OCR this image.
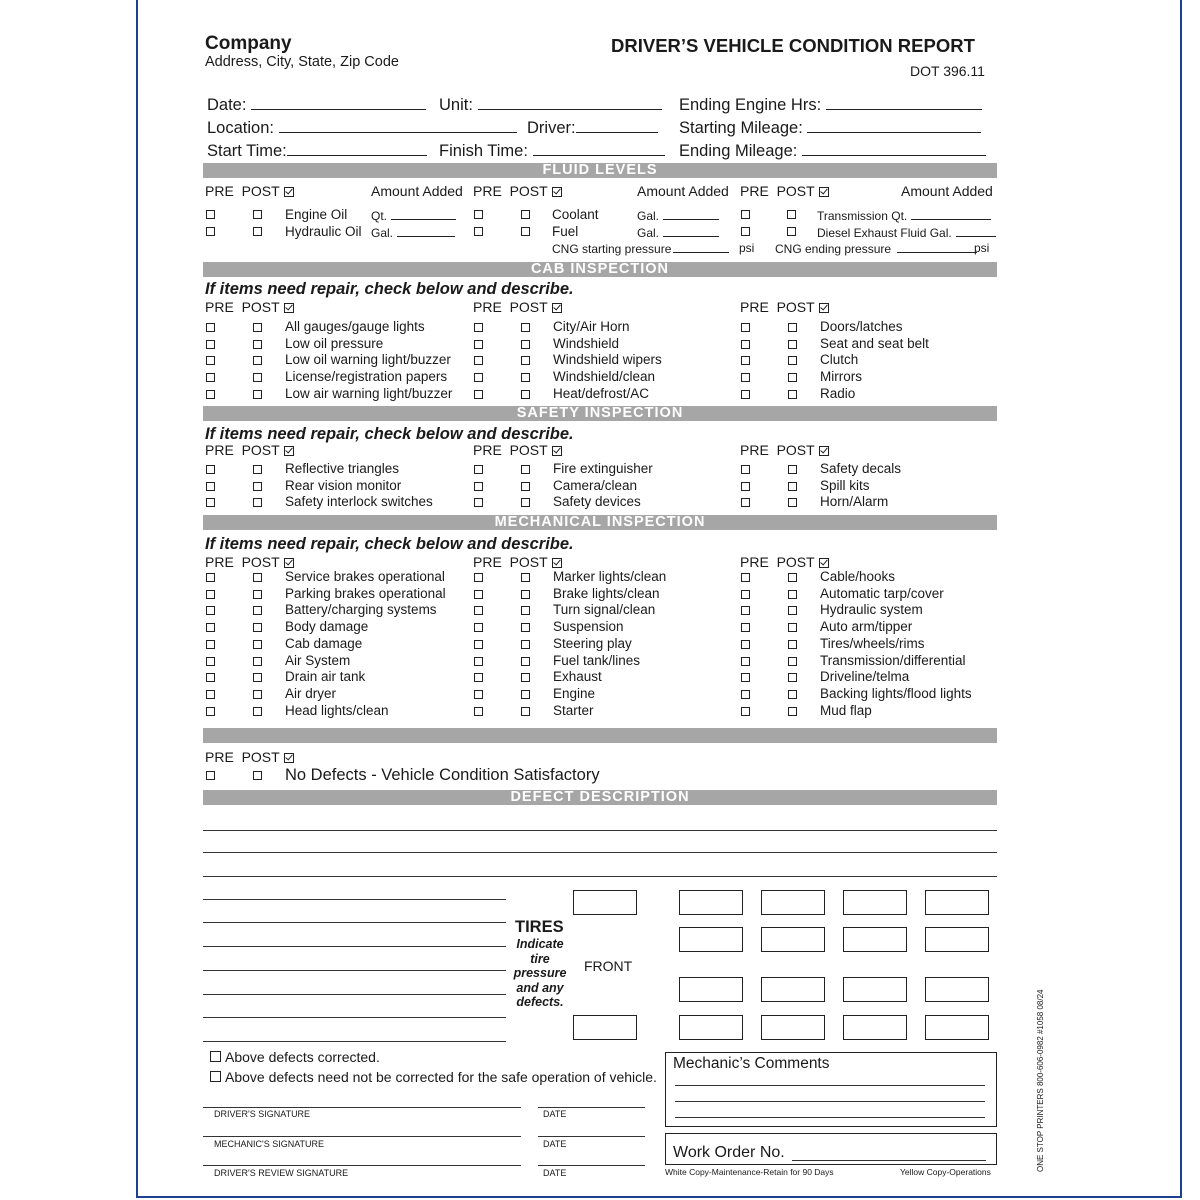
Company
Address, City, State, Zip Code
DRIVER’S VEHICLE CONDITION REPORT
DOT 396.11
Date:	Unit:	Ending Engine Hrs:
Location:	Driver:	Starting Mileage:
Start Time:	Finish Time:	Ending Mileage:
FLUID LEVELS
PRE POST	Amount Added PRE POST	Amount Added PRE POST	Amount Added
Engine Oil Qt.
Hydraulic Oil Gal.
Coolant	Gal.
Fuel	Gal.
Transmission Qt.
Diesel Exhaust Fluid Gal.
CNG starting pressure	psi CNG ending pressure	psi
CAB INSPECTION
If items need repair, check below and describe.
PRE POST	PRE POST	PRE POST
All gauges/gauge lights
Low oil pressure
Low oil warning light/buzzer
License/registration papers
Low air warning light/buzzer
City/Air Horn
Windshield
Windshield wipers
Windshield/clean
Heat/defrost/AC
Doors/latches
Seat and seat belt
Clutch
Mirrors
Radio
SAFETY INSPECTION
If items need repair, check below and describe.
PRE POST	PRE POST	PRE POST
Reflective triangles
Rear vision monitor
Safety interlock switches
Fire extinguisher
Camera/clean
Safety devices
Safety decals
Spill kits
Horn/Alarm
MECHANICAL INSPECTION
If items need repair, check below and describe.
PRE POST	PRE POST	PRE POST
Service brakes operational
Parking brakes operational
Battery/charging systems
Body damage
Cab damage
Air System
Drain air tank
Air dryer
Head lights/clean
Marker lights/clean
Brake lights/clean
Turn signal/clean
Suspension
Steering play
Fuel tank/lines
Exhaust
Engine
Starter
Cable/hooks
Automatic tarp/cover
Hydraulic system
Auto arm/tipper
Tires/wheels/rims
Transmission/differential
Driveline/telma
Backing lights/flood lights
Mud flap
PRE POST
No Defects - Vehicle Condition Satisfactory
DEFECT DESCRIPTION
TIRES
Indicate
tire
pressure
and any
defects.
FRONT
Above defects corrected.
Above defects need not be corrected for the safe operation of vehicle.
DRIVER'S SIGNATURE	DATE
MECHANIC'S SIGNATURE	DATE
DRIVER'S REVIEW SIGNATURE	DATE
Mechanic’s Comments
Work Order No.
White Copy-Maintenance-Retain for 90 Days	Yellow Copy-Operations	ONE STOP PRINTERS 800-606-0982 #1058 08/24
